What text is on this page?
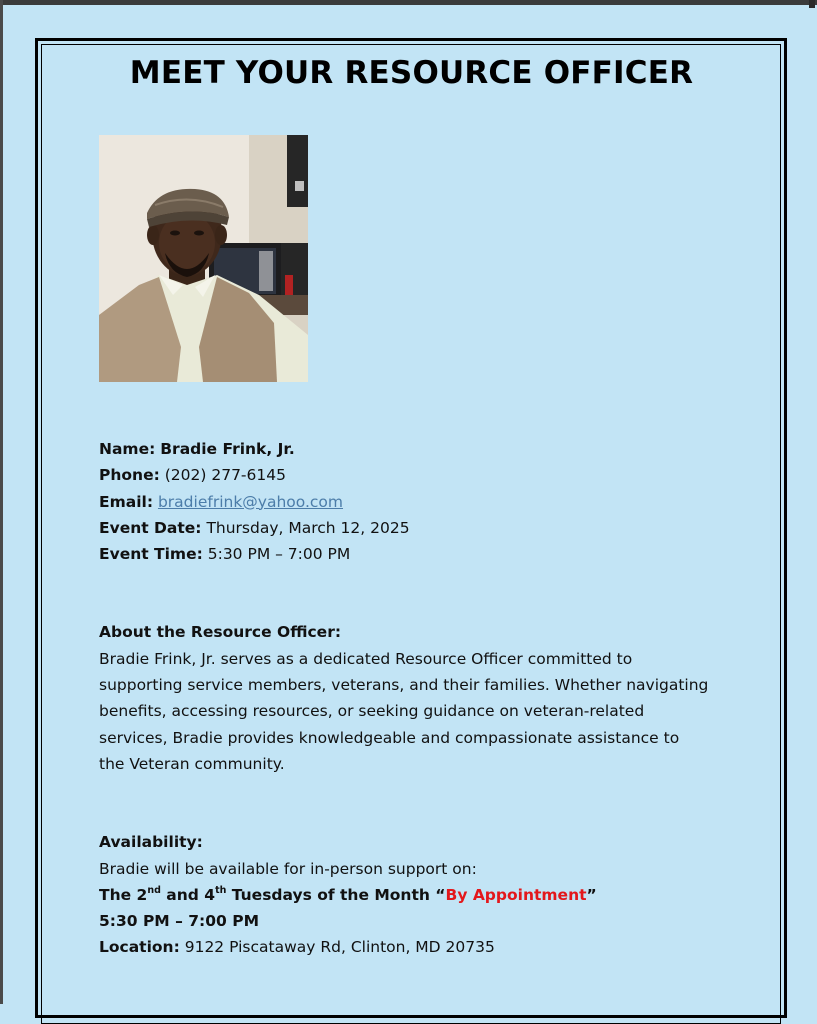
MEET YOUR RESOURCE OFFICER
Name: Bradie Frink, Jr.
Phone: (202) 277-6145
Email: bradiefrink@yahoo.com
Event Date: Thursday, March 12, 2025
Event Time: 5:30 PM – 7:00 PM
About the Resource Officer:
Bradie Frink, Jr. serves as a dedicated Resource Officer committed to
supporting service members, veterans, and their families. Whether navigating
benefits, accessing resources, or seeking guidance on veteran-related
services, Bradie provides knowledgeable and compassionate assistance to
the Veteran community.
Availability:
Bradie will be available for in-person support on:
The 2nd and 4th Tuesdays of the Month “By Appointment”
5:30 PM – 7:00 PM
Location: 9122 Piscataway Rd, Clinton, MD 20735
